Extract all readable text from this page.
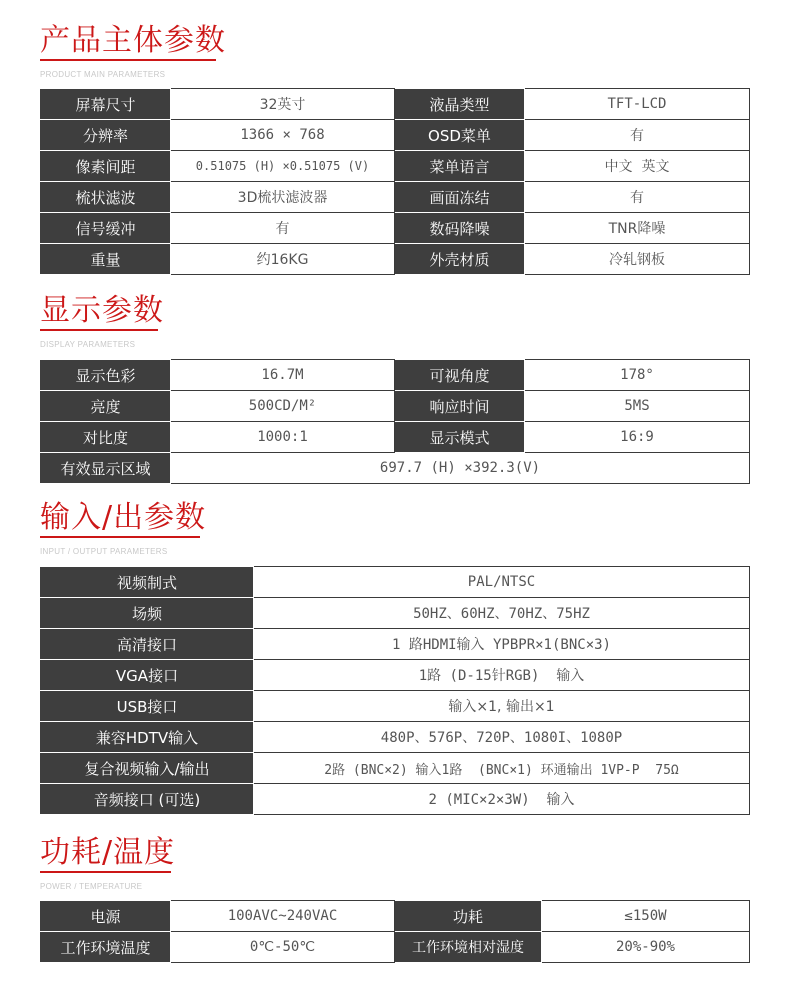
产品主体参数
PRODUCT MAIN PARAMETERS
屏幕尺寸	32英寸	液晶类型	TFT-LCD
分辨率	1366 × 768	OSD菜单	有
像素间距	0.51075 (H) ×0.51075 (V)	菜单语言	中文  英文
梳状滤波	3D梳状滤波器	画面冻结	有
信号缓冲	有	数码降噪	TNR降噪
重量	约16KG	外壳材质	冷轧钢板
显示参数
DISPLAY PARAMETERS
显示色彩	16.7M	可视角度	178°
亮度	500CD/M²	响应时间	5MS
对比度	1000:1	显示模式	16:9
有效显示区域	697.7 (H) ×392.3(V)		
输入/出参数
INPUT / OUTPUT PARAMETERS
视频制式	PAL/NTSC
场频	50HZ、60HZ、70HZ、75HZ
高清接口	1 路HDMI输入 YPBPR×1(BNC×3)
VGA接口	1路 (D-15针RGB)  输入
USB接口	输入×1, 输出×1
兼容HDTV输入	480P、576P、720P、1080I、1080P
复合视频输入/输出	2路 (BNC×2) 输入1路  (BNC×1) 环通输出 1VP-P  75Ω
音频接口 (可选)	2 (MIC×2×3W)  输入
功耗/温度
POWER / TEMPERATURE
电源	100AVC~240VAC	功耗	≤150W
工作环境温度	0℃-50℃	工作环境相对湿度	20%-90%
